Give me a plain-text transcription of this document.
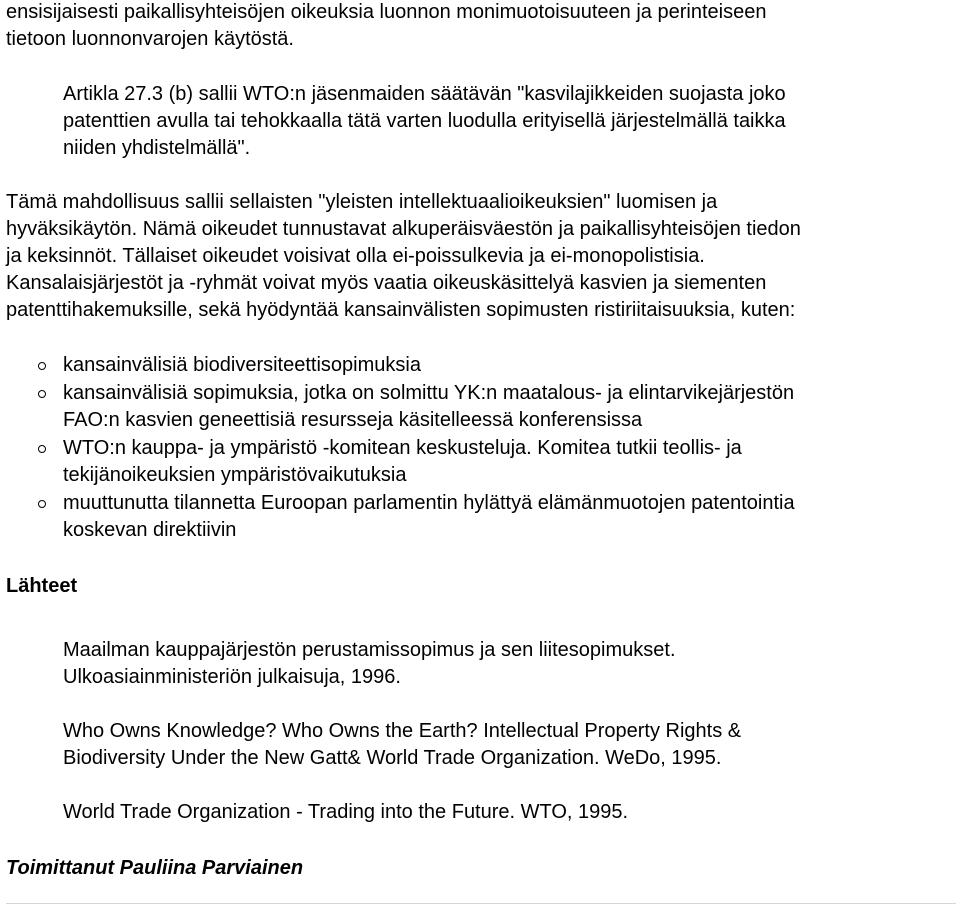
ensisijaisesti paikallisyhteisöjen oikeuksia luonnon monimuotoisuuteen ja perinteiseen
tietoon luonnonvarojen käytöstä.

Artikla 27.3 (b) sallii WTO:n jäsenmaiden säätävän "kasvilajikkeiden suojasta joko
patenttien avulla tai tehokkaalla tätä varten luodulla erityisellä järjestelmällä taikka
niiden yhdistelmällä".

Tämä mahdollisuus sallii sellaisten "yleisten intellektuaalioikeuksien" luomisen ja
hyväksikäytön. Nämä oikeudet tunnustavat alkuperäisväestön ja paikallisyhteisöjen tiedon
ja keksinnöt. Tällaiset oikeudet voisivat olla ei-poissulkevia ja ei-monopolistisia.
Kansalaisjärjestöt ja -ryhmät voivat myös vaatia oikeuskäsittelyä kasvien ja siementen
patenttihakemuksille, sekä hyödyntää kansainvälisten sopimusten ristiriitaisuuksia, kuten:

kansainvälisiä biodiversiteettisopimuksia
kansainvälisiä sopimuksia, jotka on solmittu YK:n maatalous- ja elintarvikejärjestön
FAO:n kasvien geneettisiä resursseja käsitelleessä konferensissa
WTO:n kauppa- ja ympäristö -komitean keskusteluja. Komitea tutkii teollis- ja
tekijänoikeuksien ympäristövaikutuksia
muuttunutta tilannetta Euroopan parlamentin hylättyä elämänmuotojen patentointia
koskevan direktiivin
Lähteet

Maailman kauppajärjestön perustamissopimus ja sen liitesopimukset.
Ulkoasiainministeriön julkaisuja, 1996.

Who Owns Knowledge? Who Owns the Earth? Intellectual Property Rights &
Biodiversity Under the New Gatt& World Trade Organization. WeDo, 1995.

World Trade Organization - Trading into the Future. WTO, 1995.

Toimittanut Pauliina Parviainen
